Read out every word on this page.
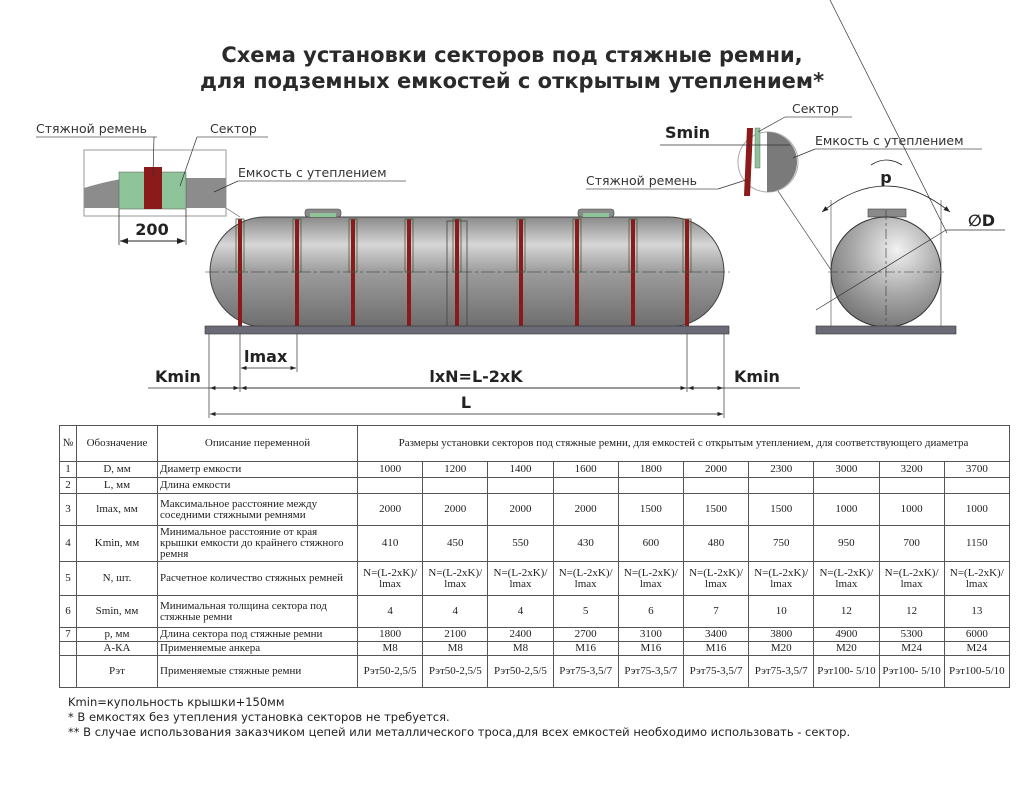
Схема установки секторов под стяжные ремни,
для подземных емкостей с открытым утеплением*
200
Стяжной ремень	Сектор
Емкость с утеплением
lmax
Kmin	Kmin
lxN=L-2xK
L
Smin
Сектор
Емкость с утеплением
Стяжной ремень	p
∅D
№	Обозначение	Описание переменной	Размеры установки секторов под стяжные ремни, для емкостей с открытым утеплением, для соответствующего диаметра									
1	D, мм	Диаметр емкости	1000	1200	1400	1600	1800	2000	2300	3000	3200	3700
2	L, мм	Длина емкости										
3	lmax, мм	Максимальное расстояние между соседними стяжными ремнями	2000	2000	2000	2000	1500	1500	1500	1000	1000	1000
4	Kmin, мм	Минимальное расстояние от края крышки емкости до крайнего стяжного ремня	410	450	550	430	600	480	750	950	700	1150
5	N, шт.	Расчетное количество стяжных ремней	N=(L-2xK)/ lmax	N=(L-2xK)/ lmax	N=(L-2xK)/ lmax	N=(L-2xK)/ lmax	N=(L-2xK)/ lmax	N=(L-2xK)/ lmax	N=(L-2xK)/ lmax	N=(L-2xK)/ lmax	N=(L-2xK)/ lmax	N=(L-2xK)/ lmax
6	Smin, мм	Минимальная толщина сектора под стяжные ремни	4	4	4	5	6	7	10	12	12	13
7	p, мм	Длина сектора под стяжные ремни	1800	2100	2400	2700	3100	3400	3800	4900	5300	6000
	А-КА	Применяемые анкера	M8	M8	M8	M16	M16	M16	M20	M20	M24	M24
	Рэт	Применяемые стяжные ремни	Рэт50-2,5/5	Рэт50-2,5/5	Рэт50-2,5/5	Рэт75-3,5/7	Рэт75-3,5/7	Рэт75-3,5/7	Рэт75-3,5/7	Рэт100- 5/10	Рэт100- 5/10	Рэт100-5/10
Kmin=купольность крышки+150мм
* В емкостях без утепления установка секторов не требуется.
** В случае использования заказчиком цепей или металлического троса,для всех емкостей необходимо использовать - сектор.
